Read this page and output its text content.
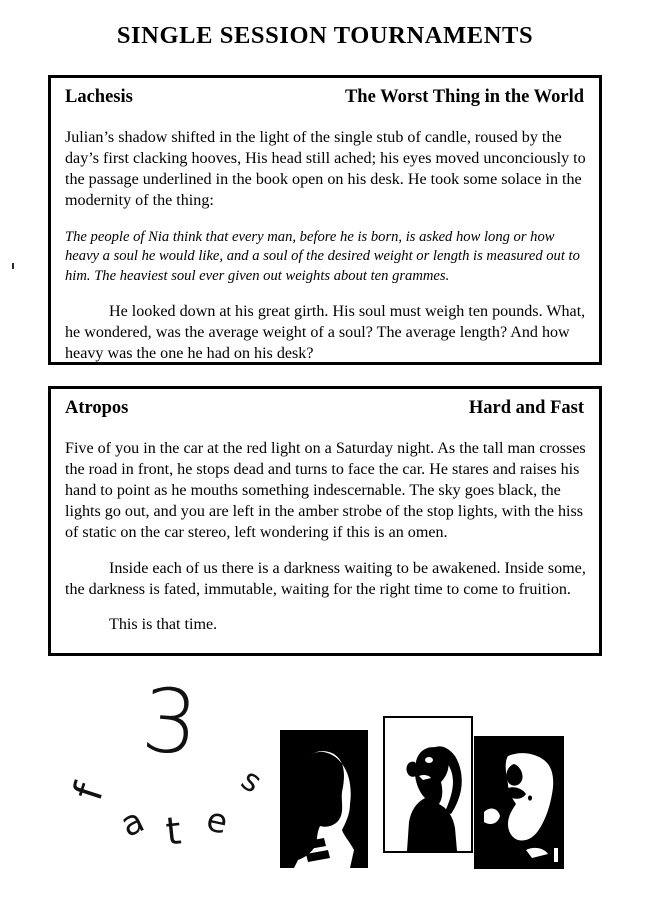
SINGLE SESSION TOURNAMENTS
Lachesis	The Worst Thing in the World

Julian’s shadow shifted in the light of the single stub of candle, roused by the day’s first clacking hooves, His head still ached; his eyes moved unconciously to the passage underlined in the book open on his desk. He took some solace in the modernity of the thing:

The people of Nia think that every man, before he is born, is asked how long or how heavy a soul he would like, and a soul of the desired weight or length is measured out to him. The heaviest soul ever given out weights about ten grammes.

He looked down at his great girth. His soul must weigh ten pounds. What, he wondered, was the average weight of a soul? The average length? And how heavy was the one he had on his desk?

Atropos	Hard and Fast

Five of you in the car at the red light on a Saturday night. As the tall man crosses the road in front, he stops dead and turns to face the car. He stares and raises his hand to point as he mouths something indescernable. The sky goes black, the lights go out, and you are left in the amber strobe of the stop lights, with the hiss of static on the car stereo, left wondering if this is an omen.

Inside each of us there is a darkness waiting to be awakened. Inside some, the darkness is fated, immutable, waiting for the right time to come to fruition.

This is that time.

3
f
a t e
s
